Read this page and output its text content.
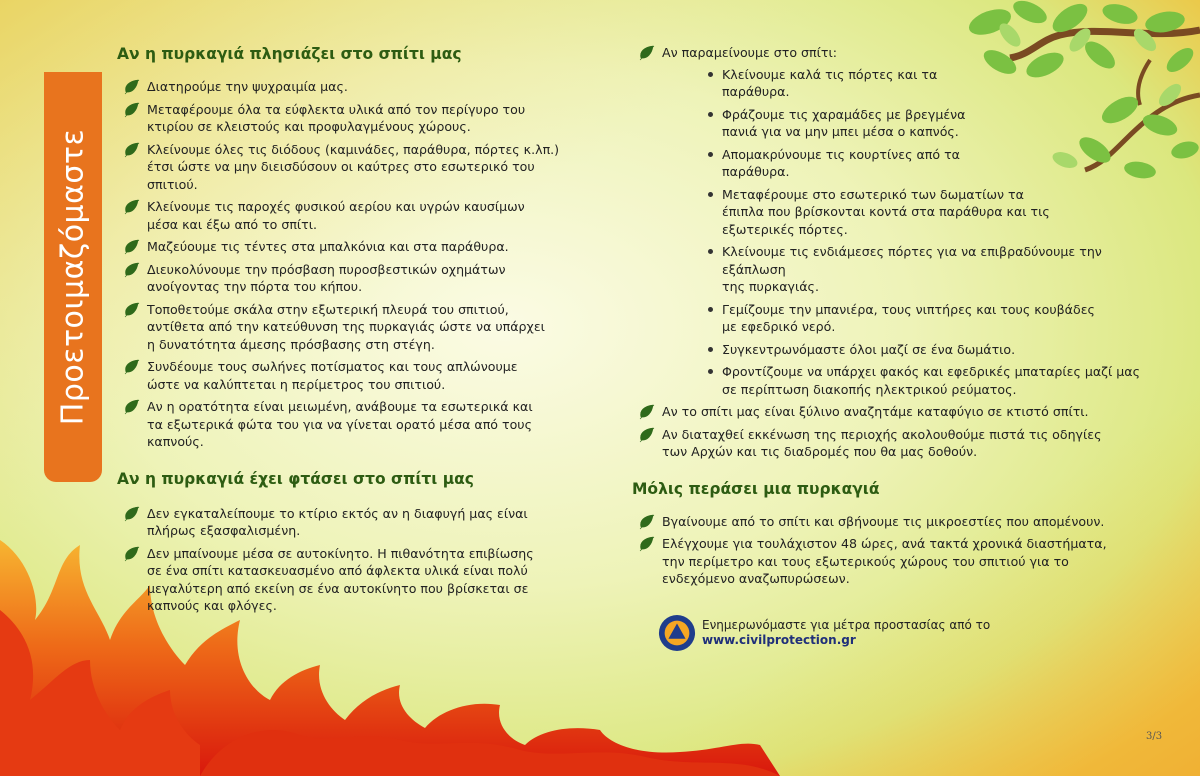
Προετοιμαζόμαστε
Αν η πυρκαγιά πλησιάζει στο σπίτι μας
Διατηρούμε την ψυχραιμία μας.
Μεταφέρουμε όλα τα εύφλεκτα υλικά από τον περίγυρο του
κτιρίου σε κλειστούς και προφυλαγμένους χώρους.
Κλείνουμε όλες τις διόδους (καμινάδες, παράθυρα, πόρτες κ.λπ.)
έτσι ώστε να μην διεισδύσουν οι καύτρες στο εσωτερικό του
σπιτιού.
Κλείνουμε τις παροχές φυσικού αερίου και υγρών καυσίμων
μέσα και έξω από το σπίτι.
Μαζεύουμε τις τέντες στα μπαλκόνια και στα παράθυρα.
Διευκολύνουμε την πρόσβαση πυροσβεστικών οχημάτων
ανοίγοντας την πόρτα του κήπου.
Τοποθετούμε σκάλα στην εξωτερική πλευρά του σπιτιού,
αντίθετα από την κατεύθυνση της πυρκαγιάς ώστε να υπάρχει
η δυνατότητα άμεσης πρόσβασης στη στέγη.
Συνδέουμε τους σωλήνες ποτίσματος και τους απλώνουμε
ώστε να καλύπτεται η περίμετρος του σπιτιού.
Αν η ορατότητα είναι μειωμένη, ανάβουμε τα εσωτερικά και
τα εξωτερικά φώτα του για να γίνεται ορατό μέσα από τους
καπνούς.
Αν η πυρκαγιά έχει φτάσει στο σπίτι μας
Δεν εγκαταλείπουμε το κτίριο εκτός αν η διαφυγή μας είναι
πλήρως εξασφαλισμένη.
Δεν μπαίνουμε μέσα σε αυτοκίνητο. Η πιθανότητα επιβίωσης
σε ένα σπίτι κατασκευασμένο από άφλεκτα υλικά είναι πολύ
μεγαλύτερη από εκείνη σε ένα αυτοκίνητο που βρίσκεται σε
καπνούς και φλόγες.
Αν παραμείνουμε στο σπίτι:
Κλείνουμε καλά τις πόρτες και τα
παράθυρα.
Φράζουμε τις χαραμάδες με βρεγμένα
πανιά για να μην μπει μέσα ο καπνός.
Απομακρύνουμε τις κουρτίνες από τα
παράθυρα.
Μεταφέρουμε στο εσωτερικό των δωματίων τα
έπιπλα που βρίσκονται κοντά στα παράθυρα και τις
εξωτερικές πόρτες.
Κλείνουμε τις ενδιάμεσες πόρτες για να επιβραδύνουμε την εξάπλωση
της πυρκαγιάς.
Γεμίζουμε την μπανιέρα, τους νιπτήρες και τους κουβάδες
με εφεδρικό νερό.
Συγκεντρωνόμαστε όλοι μαζί σε ένα δωμάτιο.
Φροντίζουμε να υπάρχει φακός και εφεδρικές μπαταρίες μαζί μας
σε περίπτωση διακοπής ηλεκτρικού ρεύματος.
Αν το σπίτι μας είναι ξύλινο αναζητάμε καταφύγιο σε κτιστό σπίτι.
Αν διαταχθεί εκκένωση της περιοχής ακολουθούμε πιστά τις οδηγίες
των Αρχών και τις διαδρομές που θα μας δοθούν.
Μόλις περάσει μια πυρκαγιά
Βγαίνουμε από το σπίτι και σβήνουμε τις μικροεστίες που απομένουν.
Ελέγχουμε για τουλάχιστον 48 ώρες, ανά τακτά χρονικά διαστήματα,
την περίμετρο και τους εξωτερικούς χώρους του σπιτιού για το
ενδεχόμενο αναζωπυρώσεων.
Ενημερωνόμαστε για μέτρα προστασίας από το
www.civilprotection.gr
3/3
